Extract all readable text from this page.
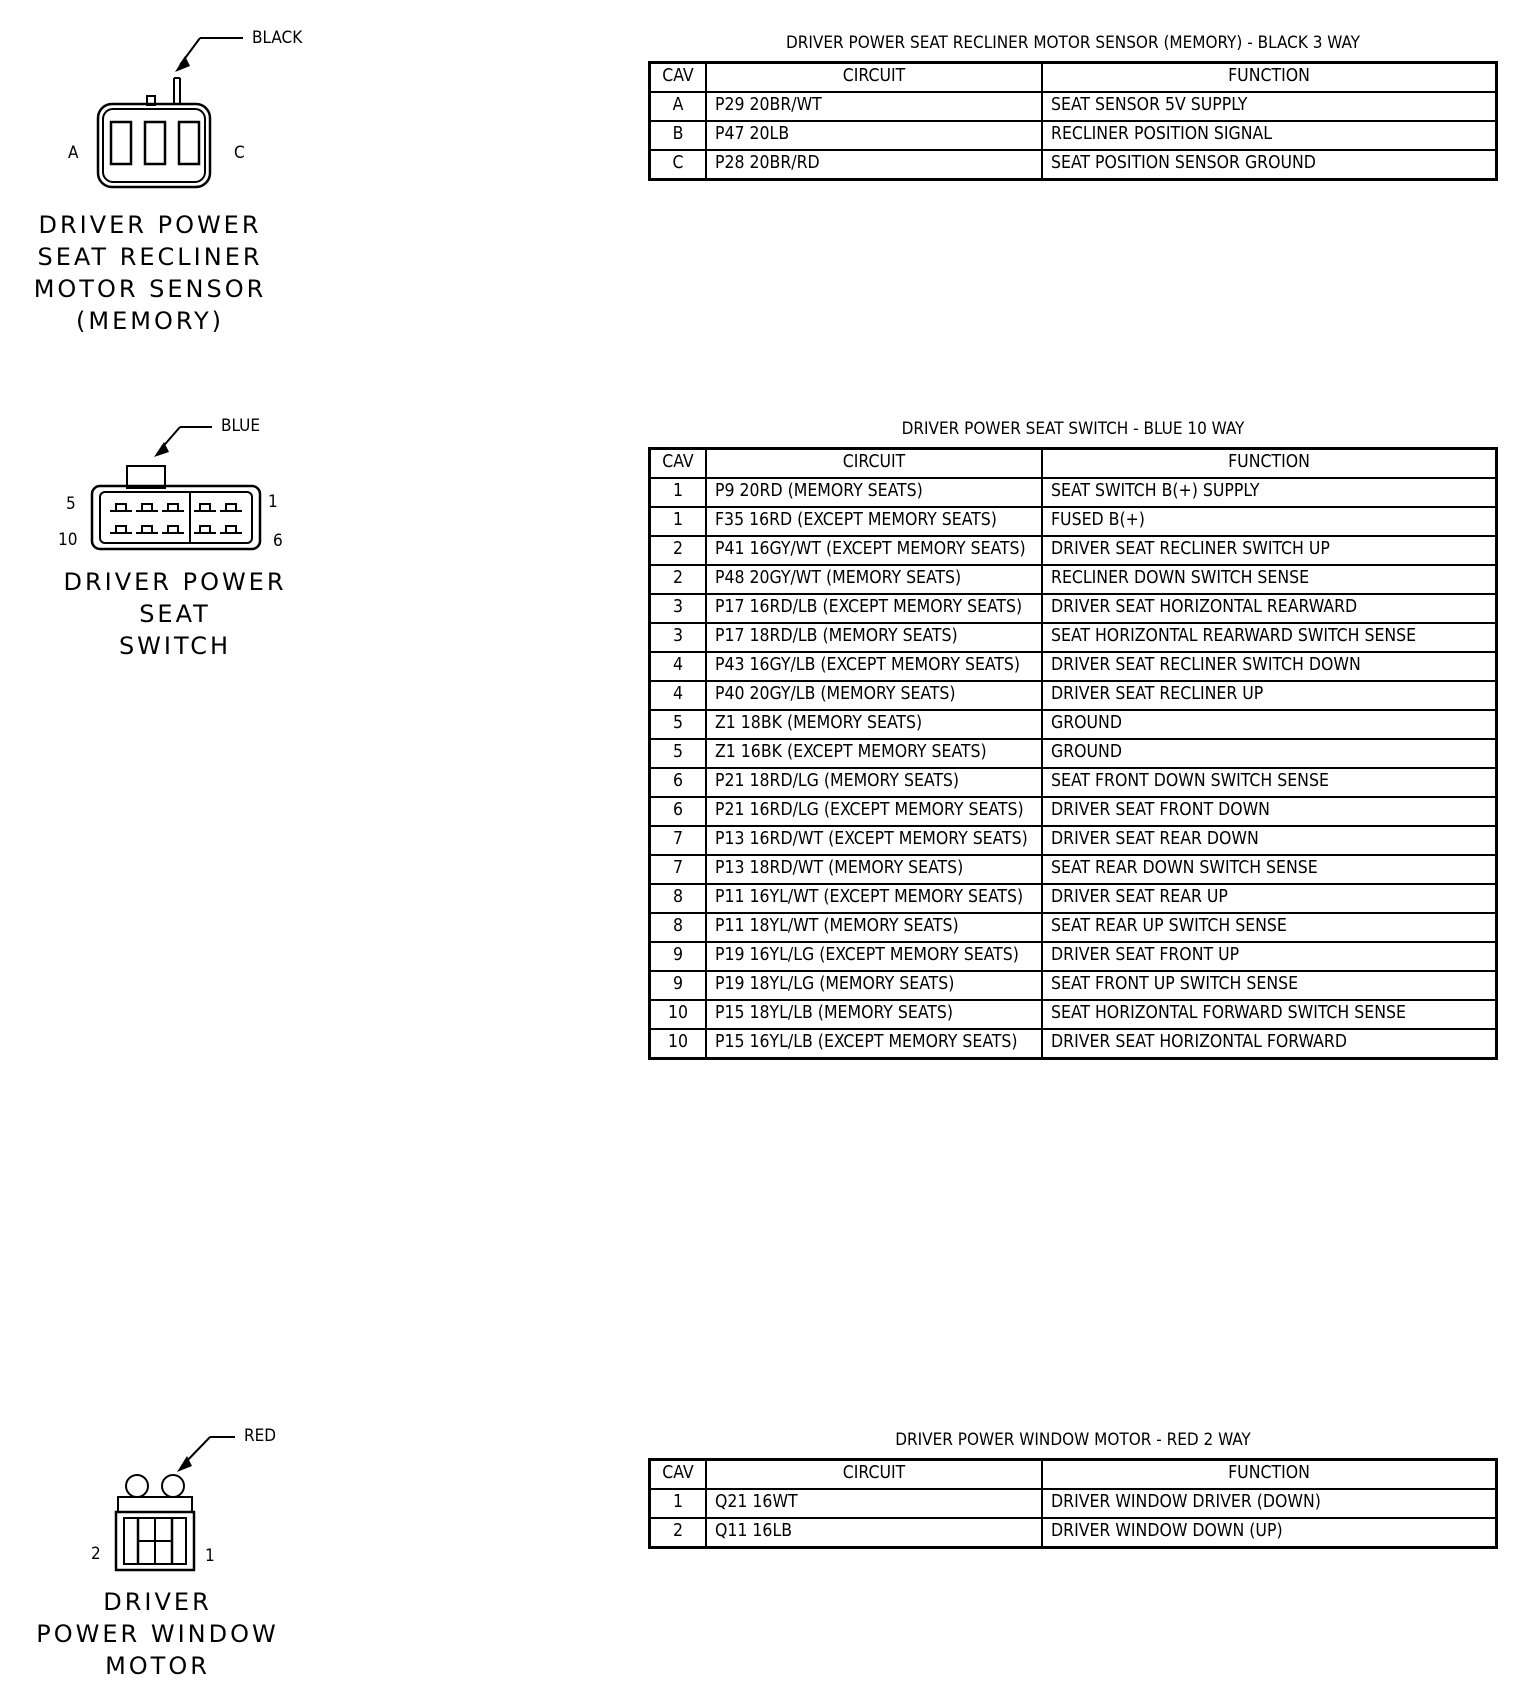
BLACK
A	C
DRIVER POWER
SEAT RECLINER
MOTOR SENSOR
(MEMORY)
DRIVER POWER SEAT RECLINER MOTOR SENSOR (MEMORY) - BLACK 3 WAY
CAV	CIRCUIT	FUNCTION
A	P29 20BR/WT	SEAT SENSOR 5V SUPPLY
B	P47 20LB	RECLINER POSITION SIGNAL
C	P28 20BR/RD	SEAT POSITION SENSOR GROUND
BLUE
5	1
10	6
DRIVER POWER SEAT
SWITCH
DRIVER POWER SEAT SWITCH - BLUE 10 WAY
CAV	CIRCUIT	FUNCTION
1	P9 20RD (MEMORY SEATS)	SEAT SWITCH B(+) SUPPLY
1	F35 16RD (EXCEPT MEMORY SEATS)	FUSED B(+)
2	P41 16GY/WT (EXCEPT MEMORY SEATS)	DRIVER SEAT RECLINER SWITCH UP
2	P48 20GY/WT (MEMORY SEATS)	RECLINER DOWN SWITCH SENSE
3	P17 16RD/LB (EXCEPT MEMORY SEATS)	DRIVER SEAT HORIZONTAL REARWARD
3	P17 18RD/LB (MEMORY SEATS)	SEAT HORIZONTAL REARWARD SWITCH SENSE
4	P43 16GY/LB (EXCEPT MEMORY SEATS)	DRIVER SEAT RECLINER SWITCH DOWN
4	P40 20GY/LB (MEMORY SEATS)	DRIVER SEAT RECLINER UP
5	Z1 18BK (MEMORY SEATS)	GROUND
5	Z1 16BK (EXCEPT MEMORY SEATS)	GROUND
6	P21 18RD/LG (MEMORY SEATS)	SEAT FRONT DOWN SWITCH SENSE
6	P21 16RD/LG (EXCEPT MEMORY SEATS)	DRIVER SEAT FRONT DOWN
7	P13 16RD/WT (EXCEPT MEMORY SEATS)	DRIVER SEAT REAR DOWN
7	P13 18RD/WT (MEMORY SEATS)	SEAT REAR DOWN SWITCH SENSE
8	P11 16YL/WT (EXCEPT MEMORY SEATS)	DRIVER SEAT REAR UP
8	P11 18YL/WT (MEMORY SEATS)	SEAT REAR UP SWITCH SENSE
9	P19 16YL/LG (EXCEPT MEMORY SEATS)	DRIVER SEAT FRONT UP
9	P19 18YL/LG (MEMORY SEATS)	SEAT FRONT UP SWITCH SENSE
10	P15 18YL/LB (MEMORY SEATS)	SEAT HORIZONTAL FORWARD SWITCH SENSE
10	P15 16YL/LB (EXCEPT MEMORY SEATS)	DRIVER SEAT HORIZONTAL FORWARD
RED
2	1
DRIVER
POWER WINDOW
MOTOR
DRIVER POWER WINDOW MOTOR - RED 2 WAY
CAV	CIRCUIT	FUNCTION
1	Q21 16WT	DRIVER WINDOW DRIVER (DOWN)
2	Q11 16LB	DRIVER WINDOW DOWN (UP)
